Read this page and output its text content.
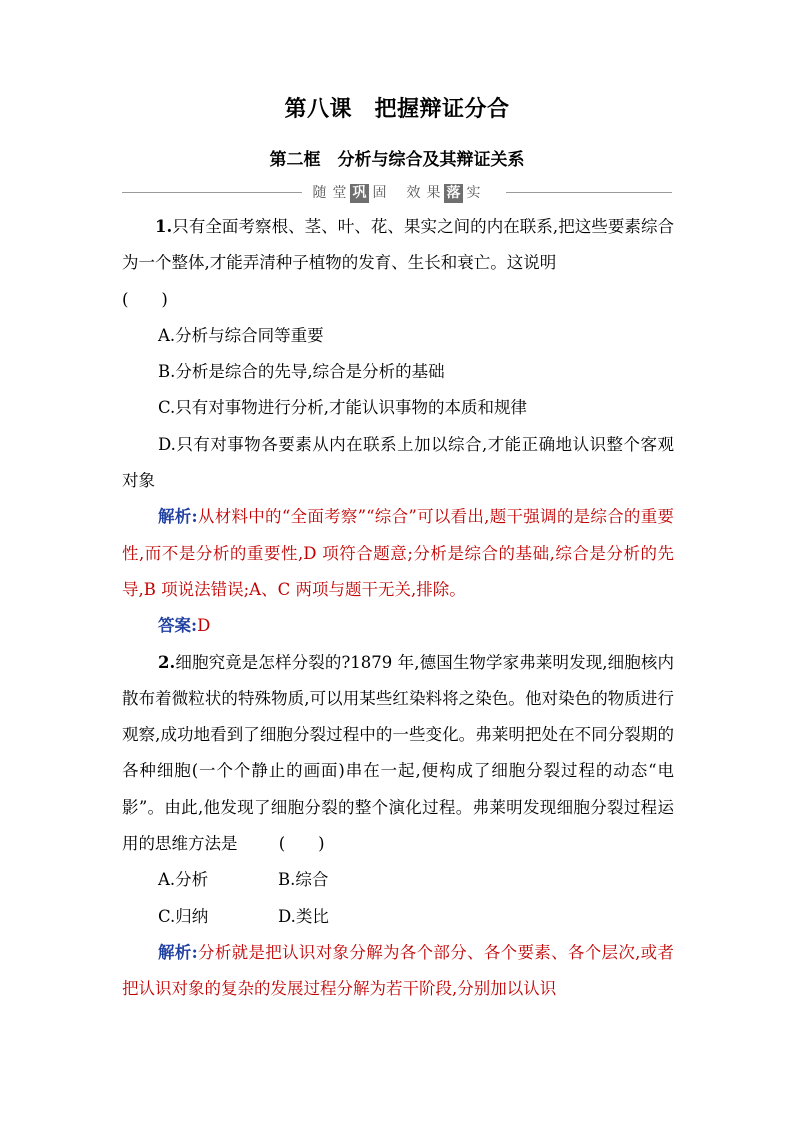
第八课　把握辩证分合
第二框　分析与综合及其辩证关系
随 堂 巩 固 效 果 落 实

1.只有全面考察根、茎、叶、花、果实之间的内在联系,把这些要素综合为一个整体,才能弄清种子植物的发育、生长和衰亡。这说明
(　　)

A.分析与综合同等重要

B.分析是综合的先导,综合是分析的基础

C.只有对事物进行分析,才能认识事物的本质和规律

D.只有对事物各要素从内在联系上加以综合,才能正确地认识整个客观对象

解析:从材料中的“全面考察”“综合”可以看出,题干强调的是综合的重要性,而不是分析的重要性,D 项符合题意;分析是综合的基础,综合是分析的先导,B 项说法错误;A、C 两项与题干无关,排除。

答案:D

2.细胞究竟是怎样分裂的?1879 年,德国生物学家弗莱明发现,细胞核内散布着微粒状的特殊物质,可以用某些红染料将之染色。他对染色的物质进行观察,成功地看到了细胞分裂过程中的一些变化。弗莱明把处在不同分裂期的各种细胞(一个个静止的画面)串在一起,便构成了细胞分裂过程的动态“电影”。由此,他发现了细胞分裂的整个演化过程。弗莱明发现细胞分裂过程运用的思维方法是	(　　)

A.分析	B.综合
C.归纳	D.类比

解析:分析就是把认识对象分解为各个部分、各个要素、各个层次,或者把认识对象的复杂的发展过程分解为若干阶段,分别加以认识
